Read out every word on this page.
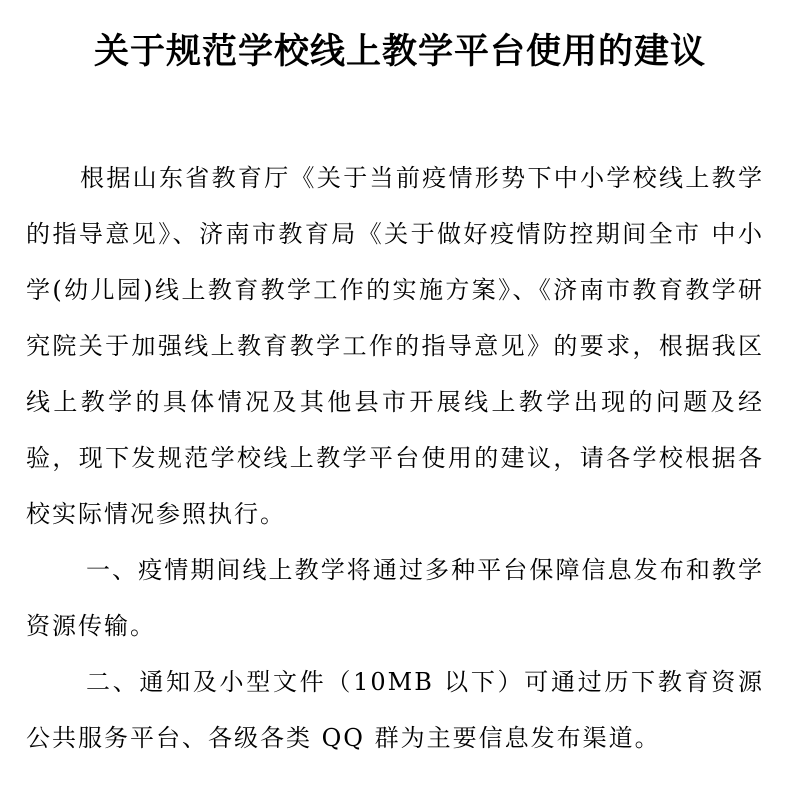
关于规范学校线上教学平台使用的建议

根据山东省教育厅《关于当前疫情形势下中小学校线上教学的指导意见》、济南市教育局《关于做好疫情防控期间全市 中小学(幼儿园)线上教育教学工作的实施方案》、《济南市教育教学研究院关于加强线上教育教学工作的指导意见》的要求，根据我区线上教学的具体情况及其他县市开展线上教学出现的问题及经验，现下发规范学校线上教学平台使用的建议，请各学校根据各校实际情况参照执行。

一、疫情期间线上教学将通过多种平台保障信息发布和教学资源传输。

二、通知及小型文件（10MB 以下）可通过历下教育资源公共服务平台、各级各类 QQ 群为主要信息发布渠道。
